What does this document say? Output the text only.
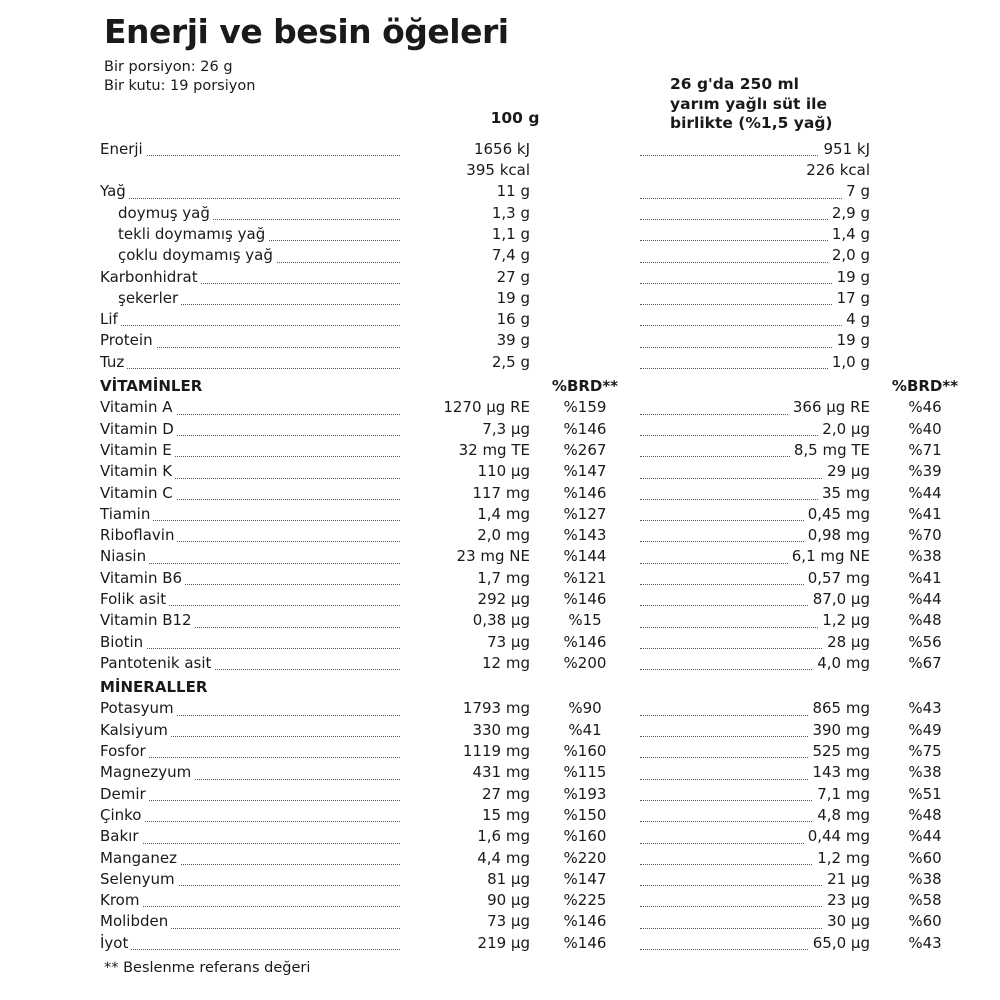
Enerji ve besin öğeleri
Bir porsiyon: 26 g
Bir kutu: 19 porsiyon
100 g
26 g'da 250 ml
yarım yağlı süt ile
birlikte (%1,5 yağ)
Enerji	1656 kJ		951 kJ	
	395 kcal		226 kcal	

Yağ	11 g		7 g	

doymuş yağ	1,3 g		2,9 g	

tekli doymamış yağ	1,1 g		1,4 g	

çoklu doymamış yağ	7,4 g		2,0 g	

Karbonhidrat	27 g		19 g	

şekerler	19 g		17 g	

Lif	16 g		4 g	

Protein	39 g		19 g	

Tuz	2,5 g		1,0 g	
VİTAMİNLER		%BRD**		%BRD**

Vitamin A	1270 µg RE	%159	366 µg RE	%46

Vitamin D	7,3 µg	%146	2,0 µg	%40

Vitamin E	32 mg TE	%267	8,5 mg TE	%71

Vitamin K	110 µg	%147	29 µg	%39

Vitamin C	117 mg	%146	35 mg	%44

Tiamin	1,4 mg	%127	0,45 mg	%41

Riboflavin	2,0 mg	%143	0,98 mg	%70

Niasin	23 mg NE	%144	6,1 mg NE	%38

Vitamin B6	1,7 mg	%121	0,57 mg	%41

Folik asit	292 µg	%146	87,0 µg	%44

Vitamin B12	0,38 µg	%15	1,2 µg	%48

Biotin	73 µg	%146	28 µg	%56

Pantotenik asit	12 mg	%200	4,0 mg	%67
MİNERALLER				

Potasyum	1793 mg	%90	865 mg	%43

Kalsiyum	330 mg	%41	390 mg	%49

Fosfor	1119 mg	%160	525 mg	%75

Magnezyum	431 mg	%115	143 mg	%38

Demir	27 mg	%193	7,1 mg	%51

Çinko	15 mg	%150	4,8 mg	%48

Bakır	1,6 mg	%160	0,44 mg	%44

Manganez	4,4 mg	%220	1,2 mg	%60

Selenyum	81 µg	%147	21 µg	%38

Krom	90 µg	%225	23 µg	%58

Molibden	73 µg	%146	30 µg	%60

İyot	219 µg	%146	65,0 µg	%43
** Beslenme referans değeri
